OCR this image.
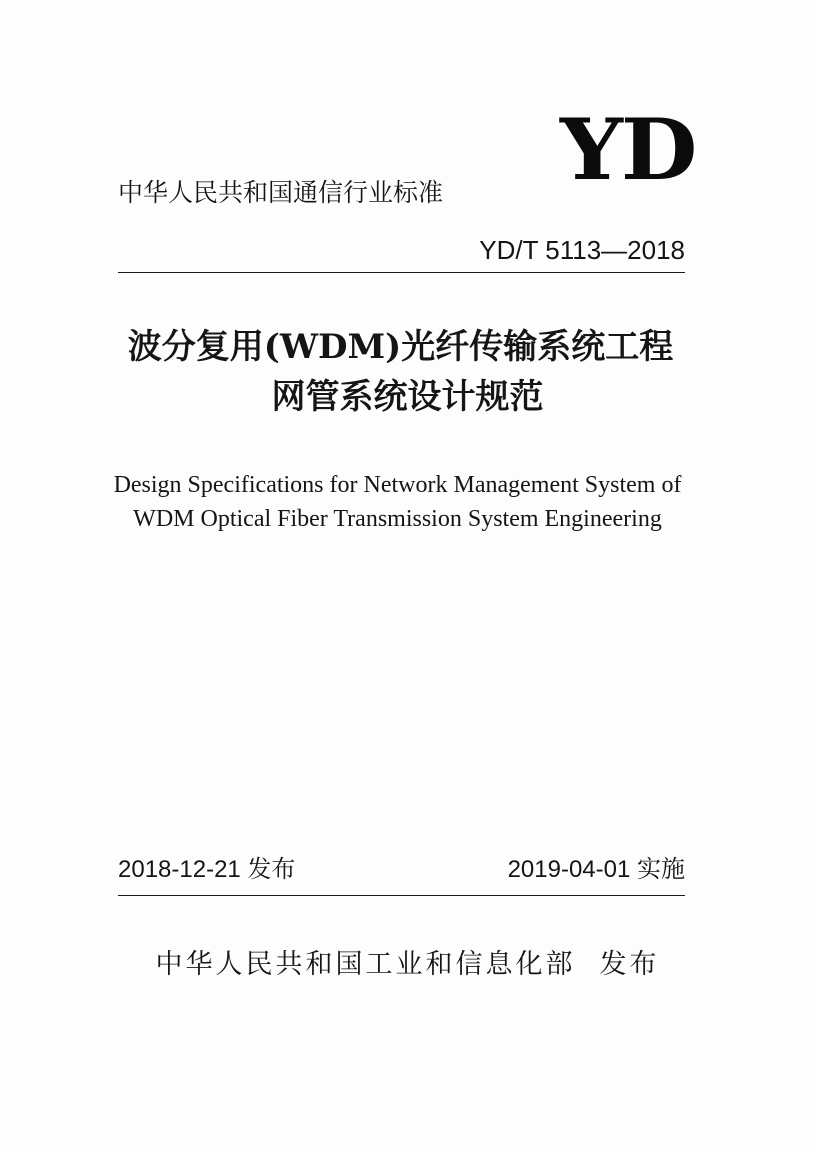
YD
中华人民共和国通信行业标准
YD/T 5113—2018
波分复用(WDM)光纤传输系统工程
网管系统设计规范
Design Specifications for Network Management System of
WDM Optical Fiber Transmission System Engineering
2018-12-21 发布	2019-04-01 实施
中华人民共和国工业和信息化部 发布
